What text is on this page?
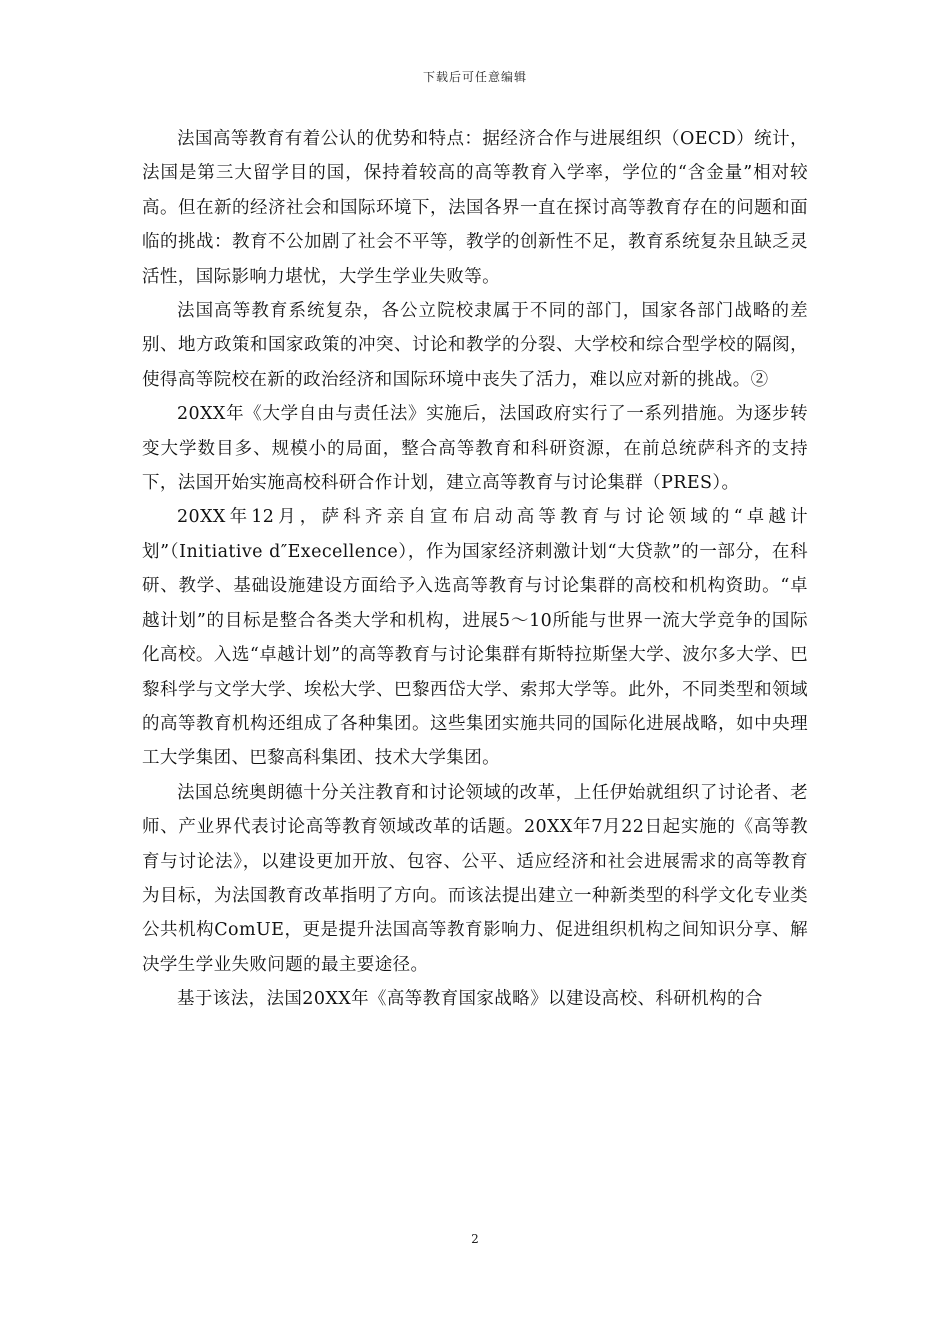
下载后可任意编辑

法国高等教育有着公认的优势和特点：据经济合作与进展组织（OECD）统计，法国是第三大留学目的国，保持着较高的高等教育入学率，学位的“含金量”相对较高。但在新的经济社会和国际环境下，法国各界一直在探讨高等教育存在的问题和面临的挑战：教育不公加剧了社会不平等，教学的创新性不足，教育系统复杂且缺乏灵活性，国际影响力堪忧，大学生学业失败等。

法国高等教育系统复杂，各公立院校隶属于不同的部门，国家各部门战略的差别、地方政策和国家政策的冲突、讨论和教学的分裂、大学校和综合型学校的隔阂，使得高等院校在新的政治经济和国际环境中丧失了活力，难以应对新的挑战。②

20XX年《大学自由与责任法》实施后，法国政府实行了一系列措施。为逐步转变大学数目多、规模小的局面，整合高等教育和科研资源，在前总统萨科齐的支持下，法国开始实施高校科研合作计划，建立高等教育与讨论集群（PRES）。

20XX年12月，萨科齐亲自宣布启动高等教育与讨论领域的“卓越计划”（Initiative d″Execellence），作为国家经济刺激计划“大贷款”的一部分，在科研、教学、基础设施建设方面给予入选高等教育与讨论集群的高校和机构资助。“卓越计划”的目标是整合各类大学和机构，进展5～10所能与世界一流大学竞争的国际化高校。入选“卓越计划”的高等教育与讨论集群有斯特拉斯堡大学、波尔多大学、巴黎科学与文学大学、埃松大学、巴黎西岱大学、索邦大学等。此外，不同类型和领域的高等教育机构还组成了各种集团。这些集团实施共同的国际化进展战略，如中央理工大学集团、巴黎高科集团、技术大学集团。

法国总统奥朗德十分关注教育和讨论领域的改革，上任伊始就组织了讨论者、老师、产业界代表讨论高等教育领域改革的话题。20XX年7月22日起实施的《高等教育与讨论法》，以建设更加开放、包容、公平、适应经济和社会进展需求的高等教育为目标，为法国教育改革指明了方向。而该法提出建立一种新类型的科学文化专业类公共机构ComUE，更是提升法国高等教育影响力、促进组织机构之间知识分享、解决学生学业失败问题的最主要途径。

基于该法，法国20XX年《高等教育国家战略》以建设高校、科研机构的合

2
